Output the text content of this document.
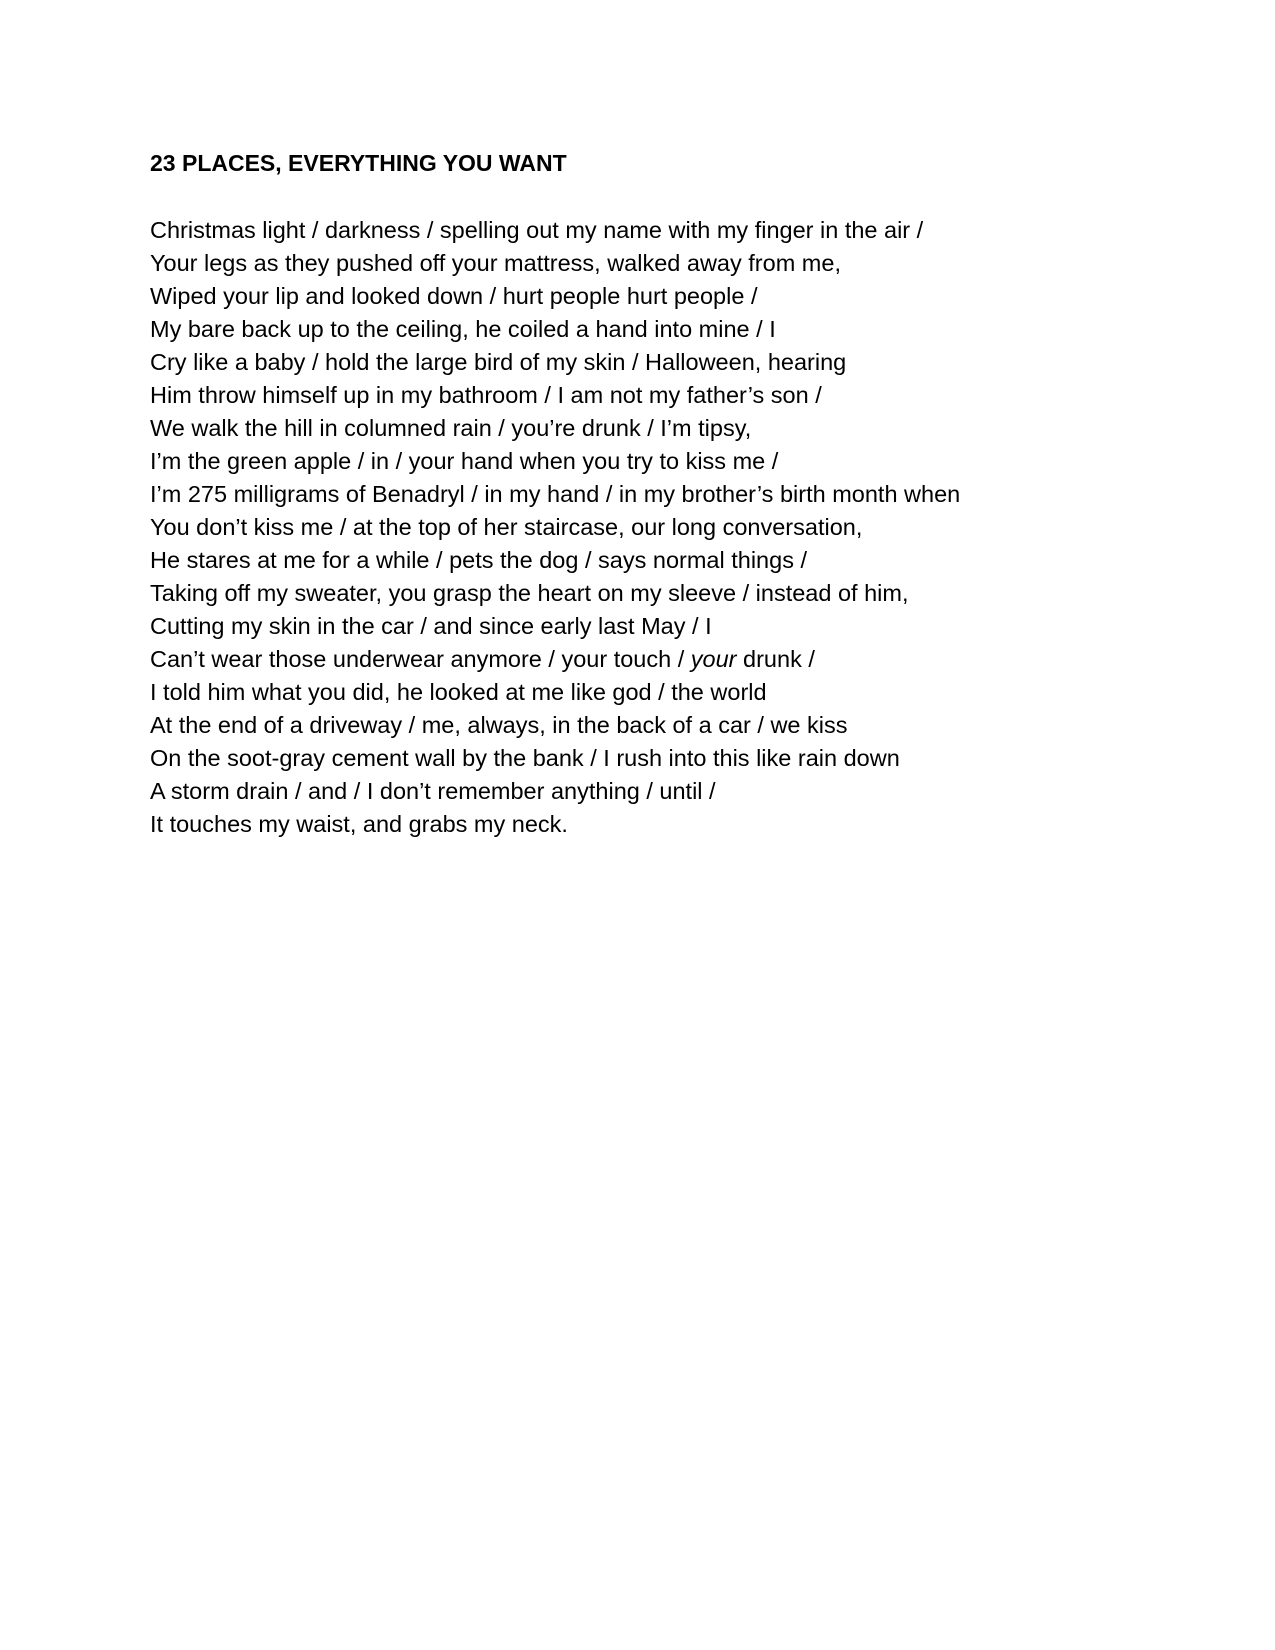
23 PLACES, EVERYTHING YOU WANT
Christmas light / darkness / spelling out my name with my finger in the air /
Your legs as they pushed off your mattress, walked away from me,
Wiped your lip and looked down / hurt people hurt people /
My bare back up to the ceiling, he coiled a hand into mine / I
Cry like a baby / hold the large bird of my skin / Halloween, hearing
Him throw himself up in my bathroom / I am not my father’s son /
We walk the hill in columned rain / you’re drunk / I’m tipsy,
I’m the green apple / in / your hand when you try to kiss me /
I’m 275 milligrams of Benadryl / in my hand / in my brother’s birth month when
You don’t kiss me / at the top of her staircase, our long conversation,
He stares at me for a while / pets the dog / says normal things /
Taking off my sweater, you grasp the heart on my sleeve / instead of him,
Cutting my skin in the car / and since early last May / I
Can’t wear those underwear anymore / your touch / your drunk /
I told him what you did, he looked at me like god / the world
At the end of a driveway / me, always, in the back of a car / we kiss
On the soot-gray cement wall by the bank / I rush into this like rain down
A storm drain / and / I don’t remember anything / until /
It touches my waist, and grabs my neck.
